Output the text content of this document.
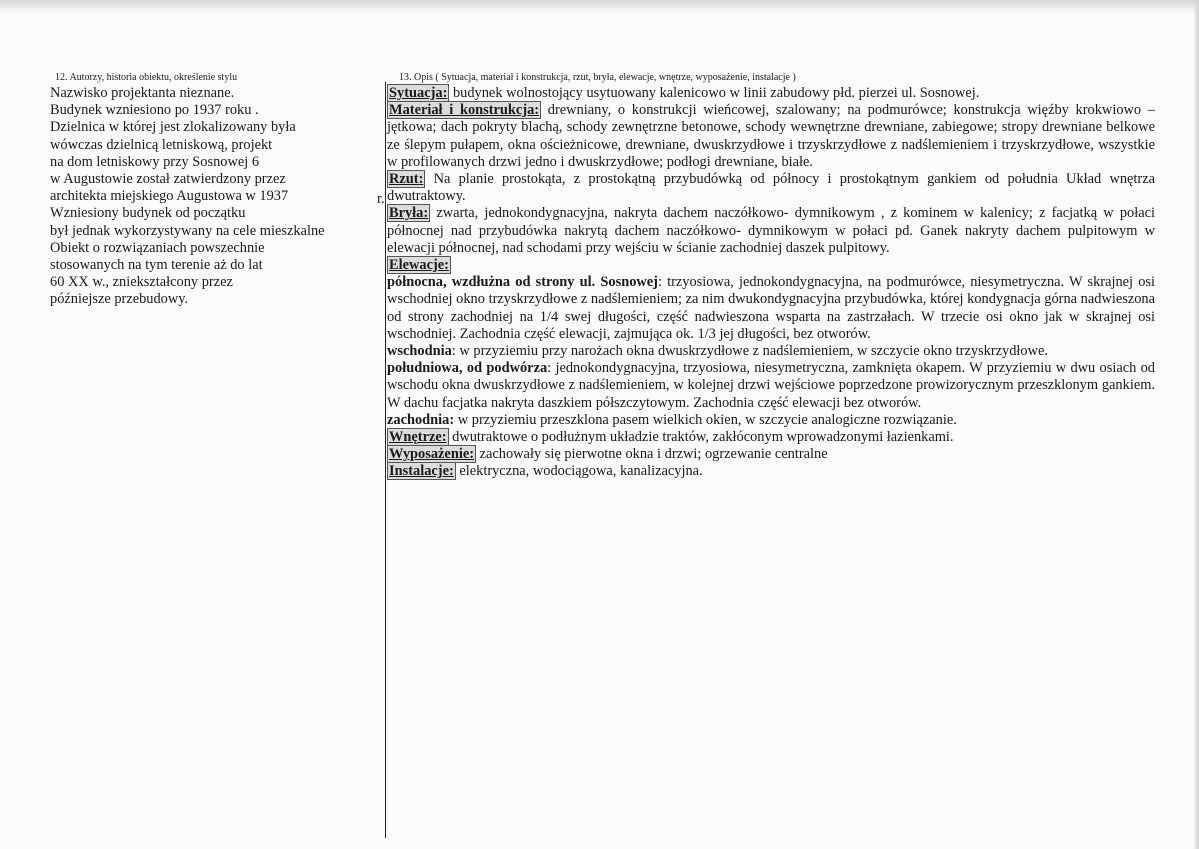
12. Autorzy, historia obiektu, określenie stylu
Nazwisko projektanta nieznane.
Budynek wzniesiono po 1937 roku .
Dzielnica w której jest zlokalizowany była
wówczas dzielnicą letniskową, projekt
na dom letniskowy przy Sosnowej 6
w Augustowie został zatwierdzony przez
architekta miejskiego Augustowa w 1937
Wzniesiony budynek od początku
był jednak wykorzystywany na cele mieszkalne
Obiekt o rozwiązaniach powszechnie
stosowanych na tym terenie aż do lat
60 XX w., zniekształcony przez
późniejsze przebudowy.
r.
13. Opis ( Sytuacja, materiał i konstrukcja, rzut, bryła, elewacje, wnętrze, wyposażenie, instalacje )

Sytuacja: budynek wolnostojący usytuowany kalenicowo w linii zabudowy płd. pierzei ul. Sosnowej.

Materiał i konstrukcja: drewniany, o konstrukcji wieńcowej, szalowany; na podmurówce; konstrukcja więźby krokwiowo – jętkowa; dach pokryty blachą, schody zewnętrzne betonowe, schody wewnętrzne drewniane, zabiegowe; stropy drewniane belkowe ze ślepym pułapem, okna ościeżnicowe, drewniane, dwuskrzydłowe i trzyskrzydłowe z nadślemieniem i trzyskrzydłowe, wszystkie w profilowanych drzwi jedno i dwuskrzydłowe; podłogi drewniane, białe.

Rzut: Na planie prostokąta, z prostokątną przybudówką od północy i prostokątnym gankiem od południa Układ wnętrza dwutraktowy.

Bryła: zwarta, jednokondygnacyjna, nakryta dachem naczółkowo- dymnikowym , z kominem w kalenicy; z facjatką w połaci północnej nad przybudówka nakrytą dachem naczółkowo- dymnikowym w połaci pd. Ganek nakryty dachem pulpitowym w elewacji północnej, nad schodami przy wejściu w ścianie zachodniej daszek pulpitowy.

Elewacje:

północna, wzdłużna od strony ul. Sosnowej: trzyosiowa, jednokondygnacyjna, na podmurówce, niesymetryczna. W skrajnej osi wschodniej okno trzyskrzydłowe z nadślemieniem; za nim dwukondygnacyjna przybudówka, której kondygnacja górna nadwieszona od strony zachodniej na 1/4 swej długości, część nadwieszona wsparta na zastrzałach. W trzecie osi okno jak w skrajnej osi wschodniej. Zachodnia część elewacji, zajmująca ok. 1/3 jej długości, bez otworów.

wschodnia: w przyziemiu przy narożach okna dwuskrzydłowe z nadślemieniem, w szczycie okno trzyskrzydłowe.

południowa, od podwórza: jednokondygnacyjna, trzyosiowa, niesymetryczna, zamknięta okapem. W przyziemiu w dwu osiach od wschodu okna dwuskrzydłowe z nadślemieniem, w kolejnej drzwi wejściowe poprzedzone prowizorycznym przeszklonym gankiem. W dachu facjatka nakryta daszkiem półszczytowym. Zachodnia część elewacji bez otworów.

zachodnia: w przyziemiu przeszklona pasem wielkich okien, w szczycie analogiczne rozwiązanie.

Wnętrze: dwutraktowe o podłużnym układzie traktów, zakłóconym wprowadzonymi łazienkami.

Wyposażenie: zachowały się pierwotne okna i drzwi; ogrzewanie centralne

Instalacje: elektryczna, wodociągowa, kanalizacyjna.
